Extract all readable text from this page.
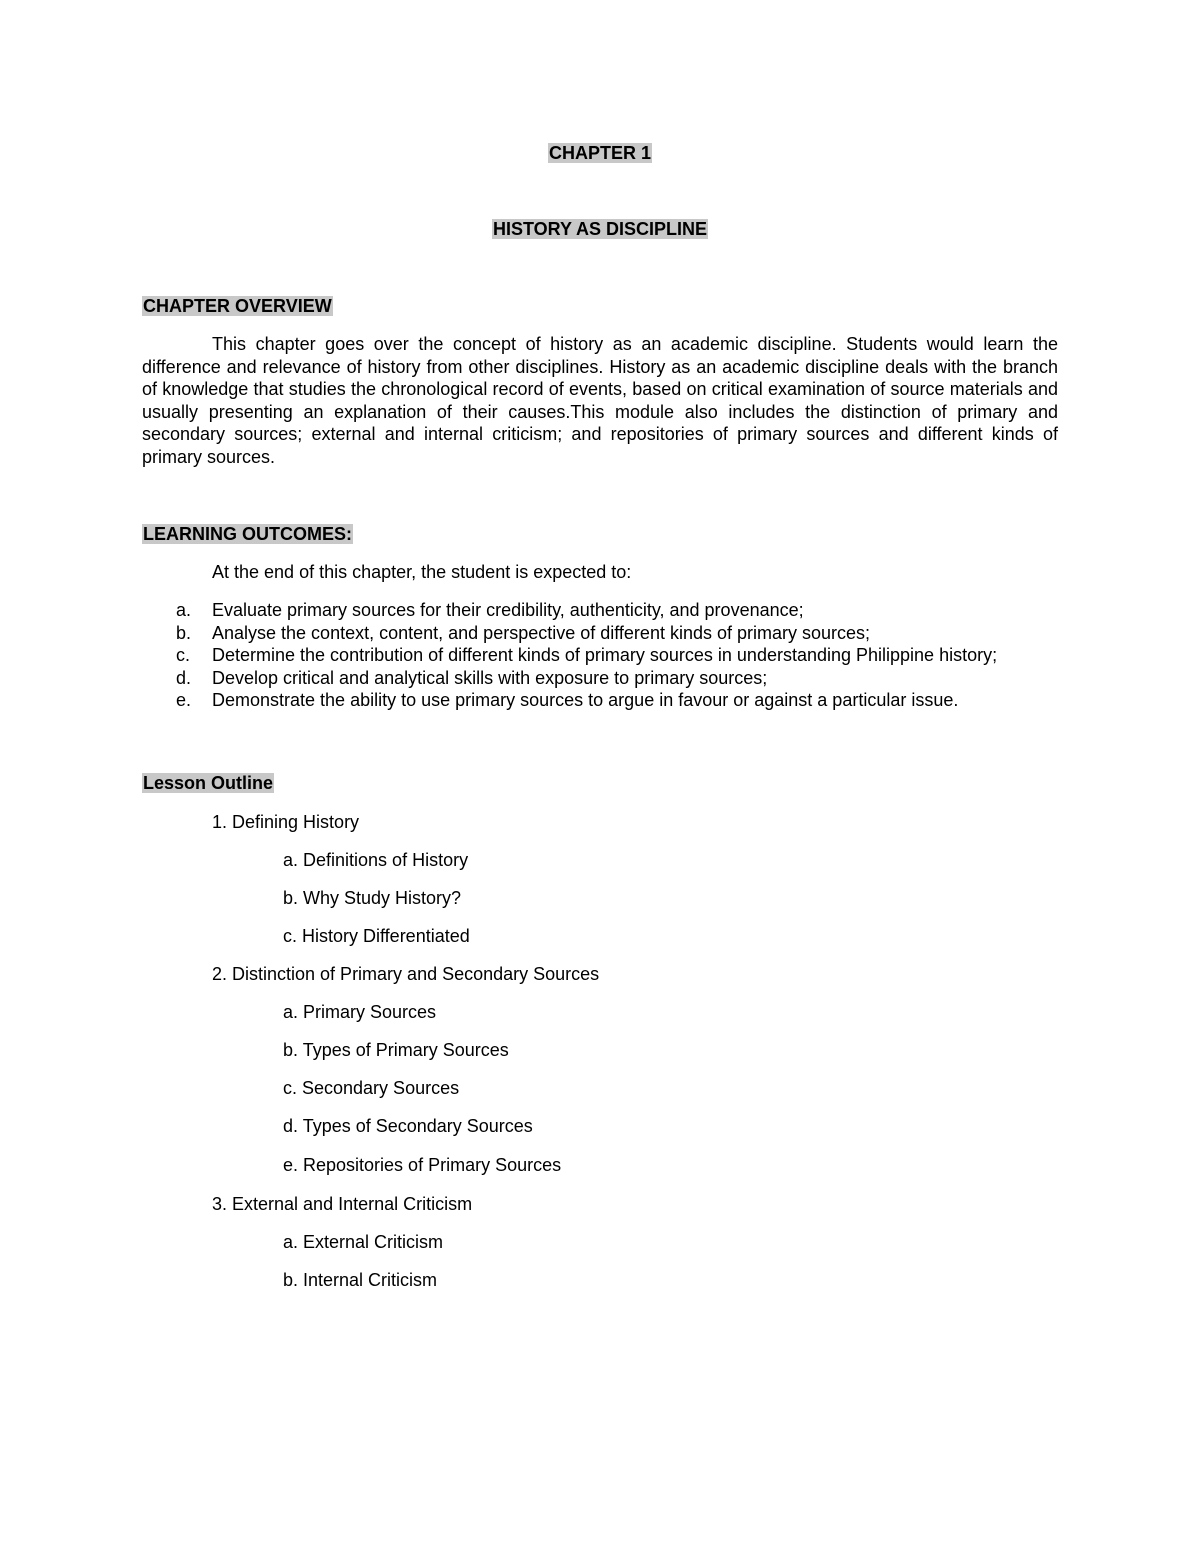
CHAPTER 1
HISTORY AS DISCIPLINE
CHAPTER OVERVIEW

This chapter goes over the concept of history as an academic discipline. Students would learn the difference and relevance of history from other disciplines. History as an academic discipline deals with the branch of knowledge that studies the chronological record of events, based on critical examination of source materials and usually presenting an explanation of their causes.This module also includes the distinction of primary and secondary sources; external and internal criticism; and repositories of primary sources and different kinds of primary sources.

LEARNING OUTCOMES:
At the end of this chapter, the student is expected to:
a. Evaluate primary sources for their credibility, authenticity, and provenance;
b. Analyse the context, content, and perspective of different kinds of primary sources;
c. Determine the contribution of different kinds of primary sources in understanding Philippine history;
d. Develop critical and analytical skills with exposure to primary sources;
e. Demonstrate the ability to use primary sources to argue in favour or against a particular issue.
Lesson Outline
1. Defining History
a. Definitions of History
b. Why Study History?
c. History Differentiated
2. Distinction of Primary and Secondary Sources
a. Primary Sources
b. Types of Primary Sources
c. Secondary Sources
d. Types of Secondary Sources
e. Repositories of Primary Sources
3. External and Internal Criticism
a. External Criticism
b. Internal Criticism
